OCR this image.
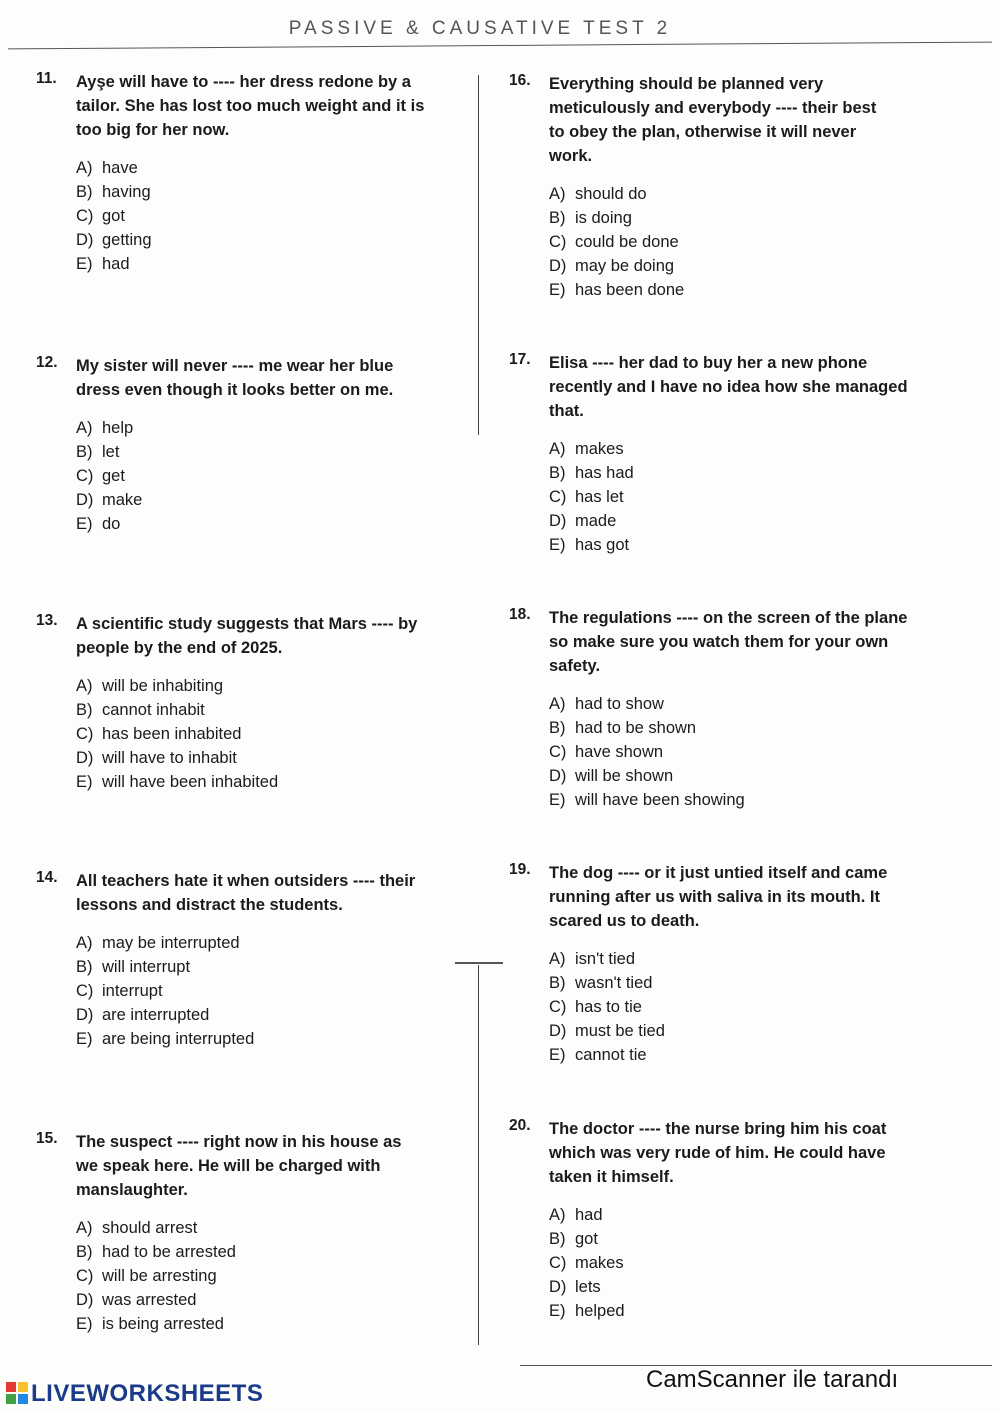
PASSIVE & CAUSATIVE TEST 2
11. Ayşe will have to ---- her dress redone by a tailor. She has lost too much weight and it is too big for her now.
A) have
B) having
C) got
D) getting
E) had
12. My sister will never ---- me wear her blue dress even though it looks better on me.
A) help
B) let
C) get
D) make
E) do
13. A scientific study suggests that Mars ---- by people by the end of 2025.
A) will be inhabiting
B) cannot inhabit
C) has been inhabited
D) will have to inhabit
E) will have been inhabited
14. All teachers hate it when outsiders ---- their lessons and distract the students.
A) may be interrupted
B) will interrupt
C) interrupt
D) are interrupted
E) are being interrupted
15. The suspect ---- right now in his house as we speak here. He will be charged with manslaughter.
A) should arrest
B) had to be arrested
C) will be arresting
D) was arrested
E) is being arrested
16. Everything should be planned very meticulously and everybody ---- their best to obey the plan, otherwise it will never work.
A) should do
B) is doing
C) could be done
D) may be doing
E) has been done
17. Elisa ---- her dad to buy her a new phone recently and I have no idea how she managed that.
A) makes
B) has had
C) has let
D) made
E) has got
18. The regulations ---- on the screen of the plane so make sure you watch them for your own safety.
A) had to show
B) had to be shown
C) have shown
D) will be shown
E) will have been showing
19. The dog ---- or it just untied itself and came running after us with saliva in its mouth. It scared us to death.
A) isn't tied
B) wasn't tied
C) has to tie
D) must be tied
E) cannot tie
20. The doctor ---- the nurse bring him his coat which was very rude of him. He could have taken it himself.
A) had
B) got
C) makes
D) lets
E) helped
LIVEWORKSHEETS
CamScanner ile tarandı
